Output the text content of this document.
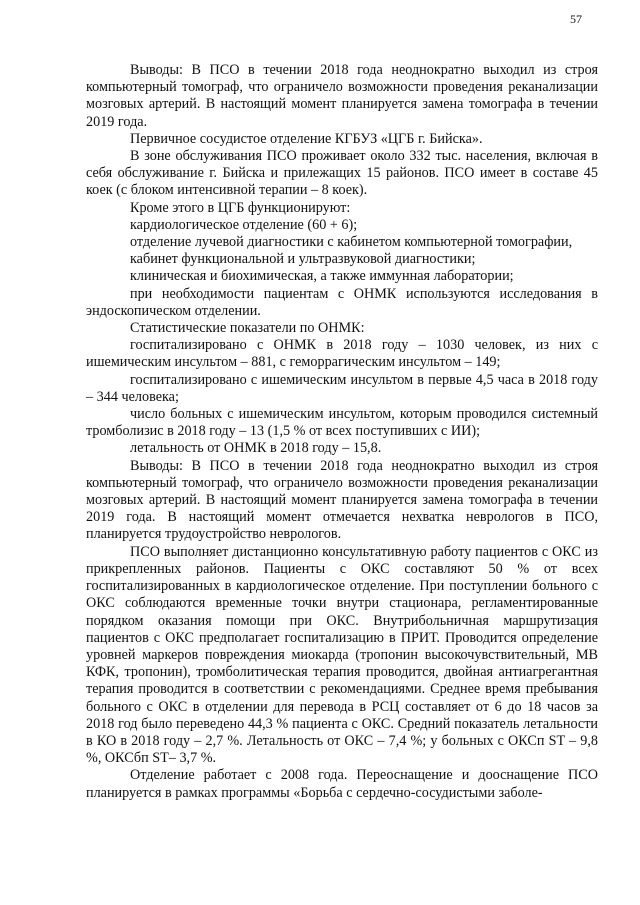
57

Выводы: В ПСО в течении 2018 года неоднократно выходил из строя компьютерный томограф, что ограничело возможности проведения реканализации мозговых артерий. В настоящий момент планируется замена томографа в течении 2019 года.

Первичное сосудистое отделение КГБУЗ «ЦГБ г. Бийска».

В зоне обслуживания ПСО проживает около 332 тыс. населения, включая в себя обслуживание г. Бийска и прилежащих 15 районов. ПСО имеет в составе 45 коек (с блоком интенсивной терапии – 8 коек).

Кроме этого в ЦГБ функционируют:

кардиологическое отделение (60 + 6);

отделение лучевой диагностики с кабинетом компьютерной томографии,

кабинет функциональной и ультразвуковой диагностики;

клиническая и биохимическая, а также иммунная лаборатории;

при необходимости пациентам с ОНМК используются исследования в эндоскопическом отделении.

Статистические показатели по ОНМК:

госпитализировано с ОНМК в 2018 году – 1030 человек, из них с ишемическим инсультом – 881, с геморрагическим инсультом – 149;

госпитализировано с ишемическим инсультом в первые 4,5 часа в 2018 году – 344 человека;

число больных с ишемическим инсультом, которым проводился системный тромболизис в 2018 году – 13 (1,5 % от всех поступивших с ИИ);

летальность от ОНМК в 2018 году – 15,8.

Выводы: В ПСО в течении 2018 года неоднократно выходил из строя компьютерный томограф, что ограничело возможности проведения реканализации мозговых артерий. В настоящий момент планируется замена томографа в течении 2019 года. В настоящий момент отмечается нехватка неврологов в ПСО, планируется трудоустройство неврологов.

ПСО выполняет дистанционно консультативную работу пациентов с ОКС из прикрепленных районов. Пациенты с ОКС составляют 50 % от всех госпитализированных в кардиологическое отделение. При поступлении больного с ОКС соблюдаются временные точки внутри стационара, регламентированные порядком оказания помощи при ОКС. Внутрибольничная маршрутизация пациентов с ОКС предполагает госпитализацию в ПРИТ. Проводится определение уровней маркеров повреждения миокарда (тропонин высокочувствительный, МВ КФК, тропонин), тромболитическая терапия проводится, двойная антиагрегантная терапия проводится в соответствии с рекомендациями. Среднее время пребывания больного с ОКС в отделении для перевода в РСЦ составляет от 6 до 18 часов за 2018 год было переведено 44,3 % пациента с ОКС. Средний показатель летальности в КО в 2018 году – 2,7 %. Летальность от ОКС – 7,4 %; у больных с ОКСп ST – 9,8 %, ОКСбп ST– 3,7 %.

Отделение работает с 2008 года. Переоснащение и дооснащение ПСО планируется в рамках программы «Борьба с сердечно-сосудистыми заболе-
